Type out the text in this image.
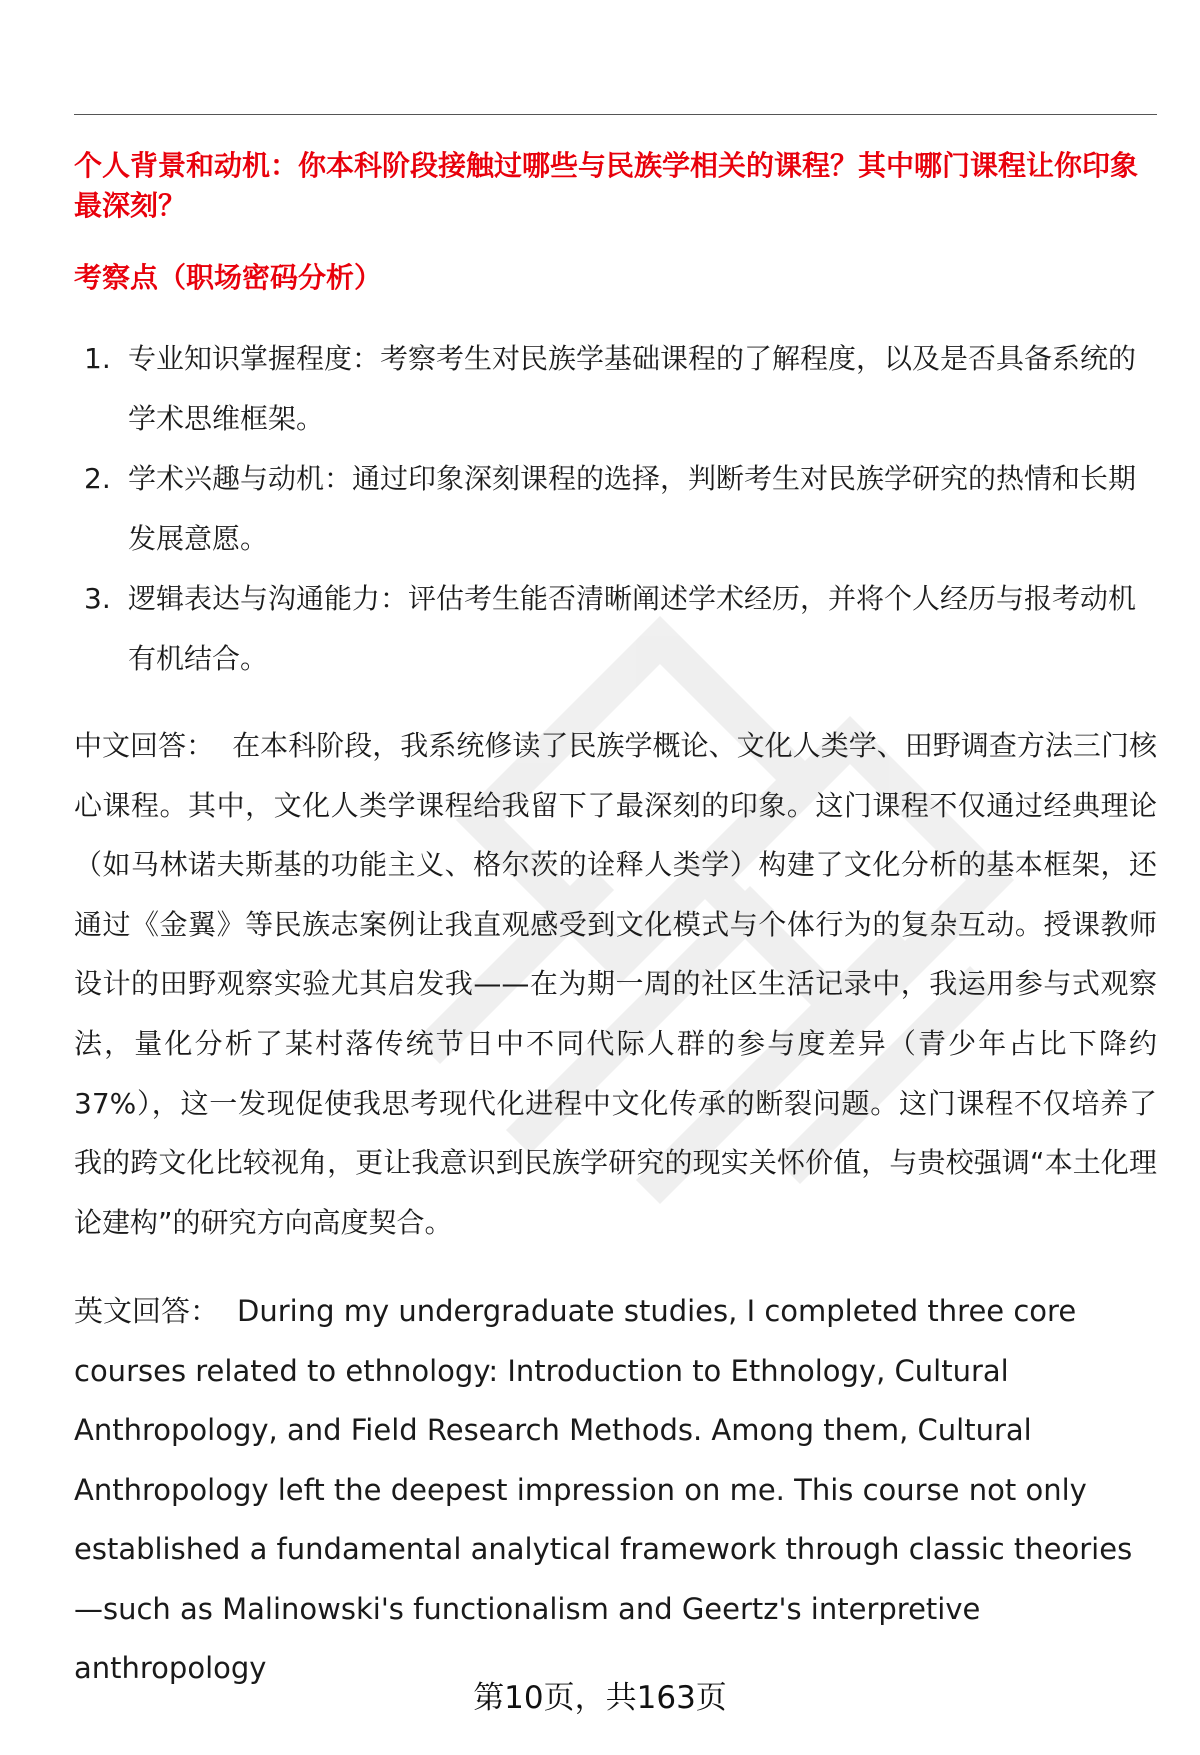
个人背景和动机：你本科阶段接触过哪些与民族学相关的课程？其中哪门课程让你印象最深刻？
考察点（职场密码分析）
1. 专业知识掌握程度：考察考生对民族学基础课程的了解程度，以及是否具备系统的学术思维框架。
2. 学术兴趣与动机：通过印象深刻课程的选择，判断考生对民族学研究的热情和长期发展意愿。
3. 逻辑表达与沟通能力：评估考生能否清晰阐述学术经历，并将个人经历与报考动机有机结合。

中文回答： 在本科阶段，我系统修读了民族学概论、文化人类学、田野调查方法三门核心课程。其中，文化人类学课程给我留下了最深刻的印象。这门课程不仅通过经典理论（如马林诺夫斯基的功能主义、格尔茨的诠释人类学）构建了文化分析的基本框架，还通过《金翼》等民族志案例让我直观感受到文化模式与个体行为的复杂互动。授课教师设计的田野观察实验尤其启发我——在为期一周的社区生活记录中，我运用参与式观察法，量化分析了某村落传统节日中不同代际人群的参与度差异（青少年占比下降约37%），这一发现促使我思考现代化进程中文化传承的断裂问题。这门课程不仅培养了我的跨文化比较视角，更让我意识到民族学研究的现实关怀价值，与贵校强调“本土化理论建构”的研究方向高度契合。

英文回答： During my undergraduate studies, I completed three core courses related to ethnology: Introduction to Ethnology, Cultural Anthropology, and Field Research Methods. Among them, Cultural Anthropology left the deepest impression on me. This course not only established a fundamental analytical framework through classic theories—such as Malinowski's functionalism and Geertz's interpretive anthropology

第10页，共163页
